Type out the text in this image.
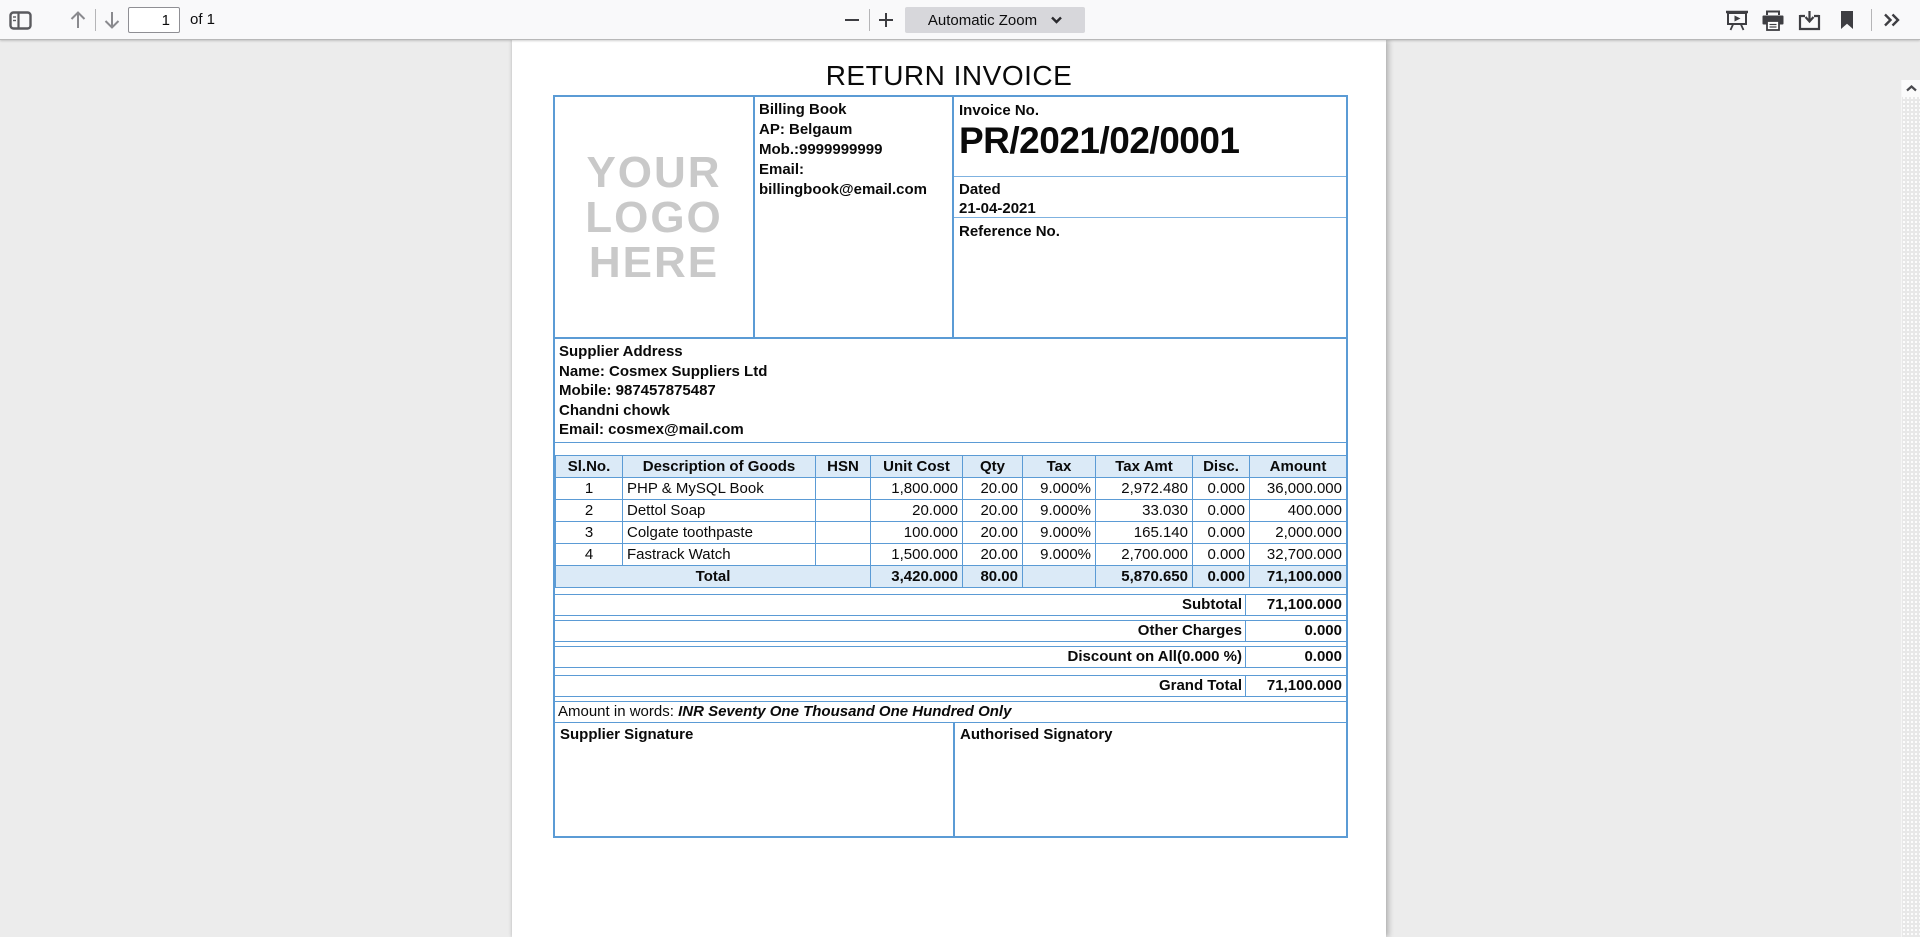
1
of 1	Automatic Zoom
RETURN INVOICE
YOUR
LOGO
HERE
Billing Book
AP: Belgaum
Mob.:9999999999
Email:
billingbook@email.com
Invoice No.
PR/2021/02/0001
Dated
21-04-2021
Reference No.
Supplier Address
Name: Cosmex Suppliers Ltd
Mobile: 987457875487
Chandni chowk
Email: cosmex@mail.com
Sl.No.	Description of Goods	HSN	Unit Cost	Qty	Tax	Tax Amt	Disc.	Amount
1	PHP & MySQL Book		1,800.000	20.00	9.000%	2,972.480	0.000	36,000.000
2	Dettol Soap		20.000	20.00	9.000%	33.030	0.000	400.000
3	Colgate toothpaste		100.000	20.00	9.000%	165.140	0.000	2,000.000
4	Fastrack Watch		1,500.000	20.00	9.000%	2,700.000	0.000	32,700.000
Total			3,420.000	80.00		5,870.650	0.000	71,100.000
Subtotal	71,100.000
Other Charges	0.000
Discount on All(0.000 %)	0.000
Grand Total	71,100.000
Amount in words: INR Seventy One Thousand One Hundred Only
Supplier Signature	Authorised Signatory
